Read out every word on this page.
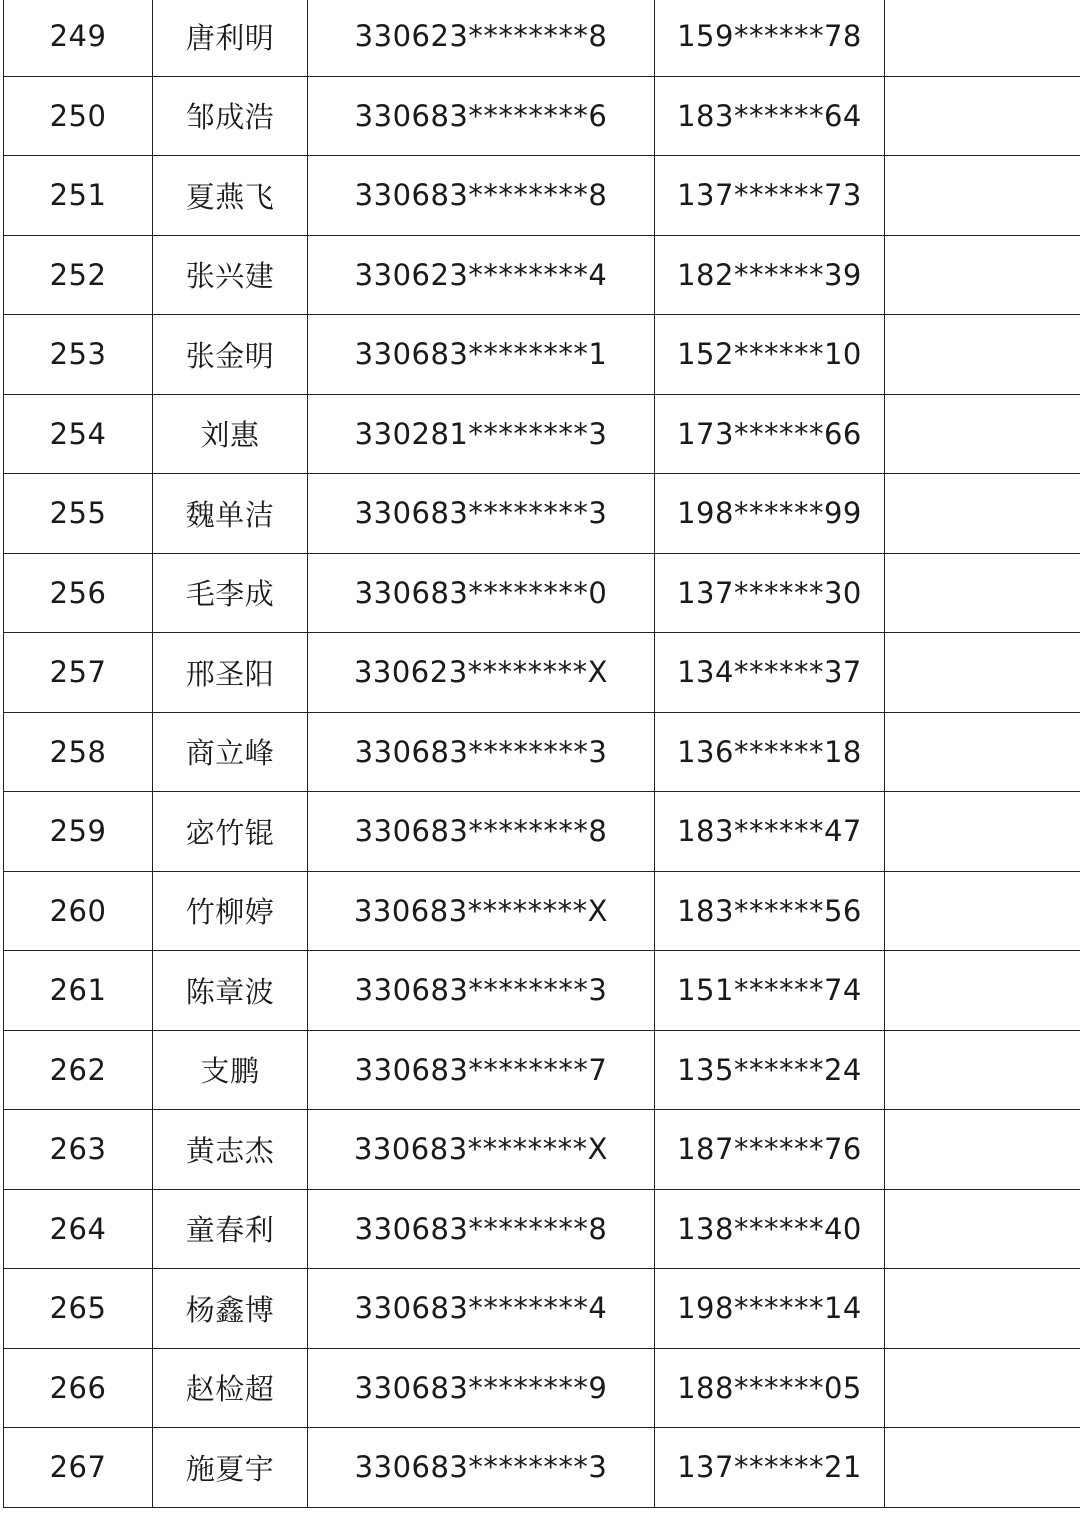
249	唐利明	330623********8	159******78	
250	邹成浩	330683********6	183******64	
251	夏燕飞	330683********8	137******73	
252	张兴建	330623********4	182******39	
253	张金明	330683********1	152******10	
254	刘惠	330281********3	173******66	
255	魏单洁	330683********3	198******99	
256	毛李成	330683********0	137******30	
257	邢圣阳	330623********X	134******37	
258	商立峰	330683********3	136******18	
259	宓竹锟	330683********8	183******47	
260	竹柳婷	330683********X	183******56	
261	陈章波	330683********3	151******74	
262	支鹏	330683********7	135******24	
263	黄志杰	330683********X	187******76	
264	童春利	330683********8	138******40	
265	杨鑫博	330683********4	198******14	
266	赵检超	330683********9	188******05	
267	施夏宇	330683********3	137******21	
